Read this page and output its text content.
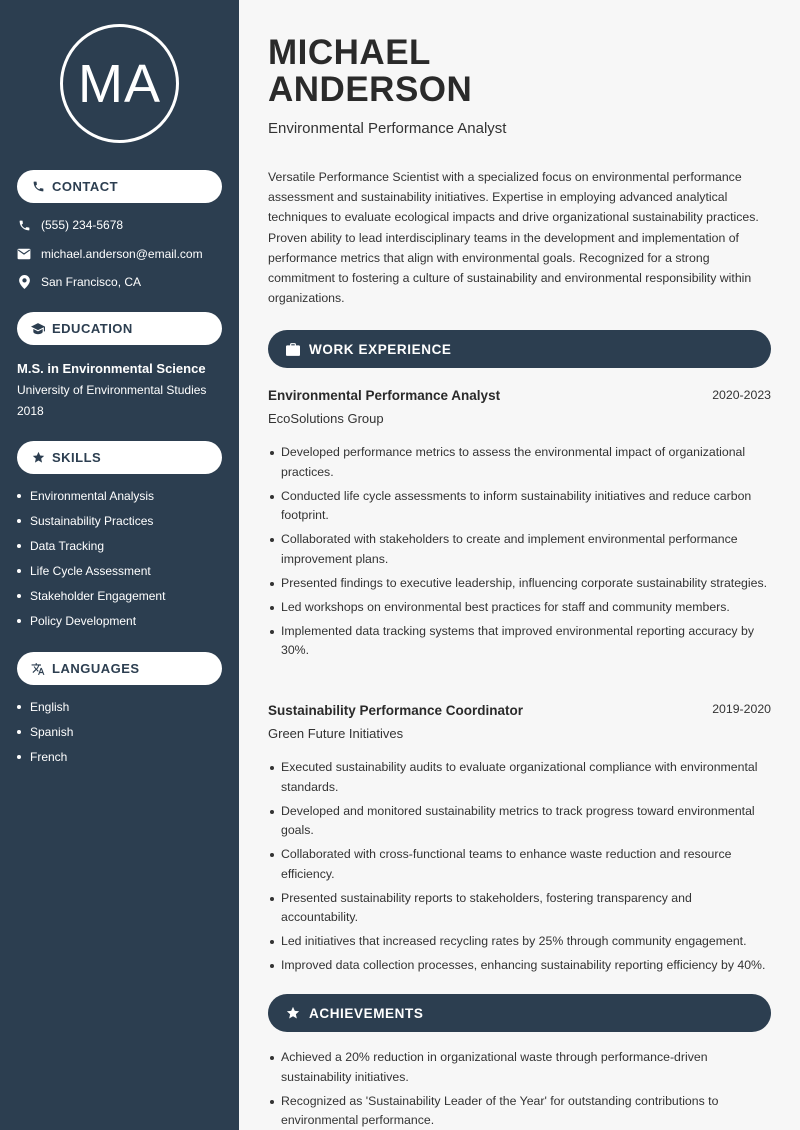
MA
CONTACT
(555) 234-5678
michael.anderson@email.com
San Francisco, CA
EDUCATION
M.S. in Environmental Science
University of Environmental Studies
2018
SKILLS
Environmental Analysis
Sustainability Practices
Data Tracking
Life Cycle Assessment
Stakeholder Engagement
Policy Development
LANGUAGES
English
Spanish
French
MICHAEL
ANDERSON
Environmental Performance Analyst
Versatile Performance Scientist with a specialized focus on environmental performance assessment and sustainability initiatives. Expertise in employing advanced analytical techniques to evaluate ecological impacts and drive organizational sustainability practices. Proven ability to lead interdisciplinary teams in the development and implementation of performance metrics that align with environmental goals. Recognized for a strong commitment to fostering a culture of sustainability and environmental responsibility within organizations.
WORK EXPERIENCE
Environmental Performance Analyst	2020-2023
EcoSolutions Group
Developed performance metrics to assess the environmental impact of organizational practices.
Conducted life cycle assessments to inform sustainability initiatives and reduce carbon footprint.
Collaborated with stakeholders to create and implement environmental performance improvement plans.
Presented findings to executive leadership, influencing corporate sustainability strategies.
Led workshops on environmental best practices for staff and community members.
Implemented data tracking systems that improved environmental reporting accuracy by 30%.
Sustainability Performance Coordinator	2019-2020
Green Future Initiatives
Executed sustainability audits to evaluate organizational compliance with environmental standards.
Developed and monitored sustainability metrics to track progress toward environmental goals.
Collaborated with cross-functional teams to enhance waste reduction and resource efficiency.
Presented sustainability reports to stakeholders, fostering transparency and accountability.
Led initiatives that increased recycling rates by 25% through community engagement.
Improved data collection processes, enhancing sustainability reporting efficiency by 40%.
ACHIEVEMENTS
Achieved a 20% reduction in organizational waste through performance-driven sustainability initiatives.
Recognized as 'Sustainability Leader of the Year' for outstanding contributions to environmental performance.
